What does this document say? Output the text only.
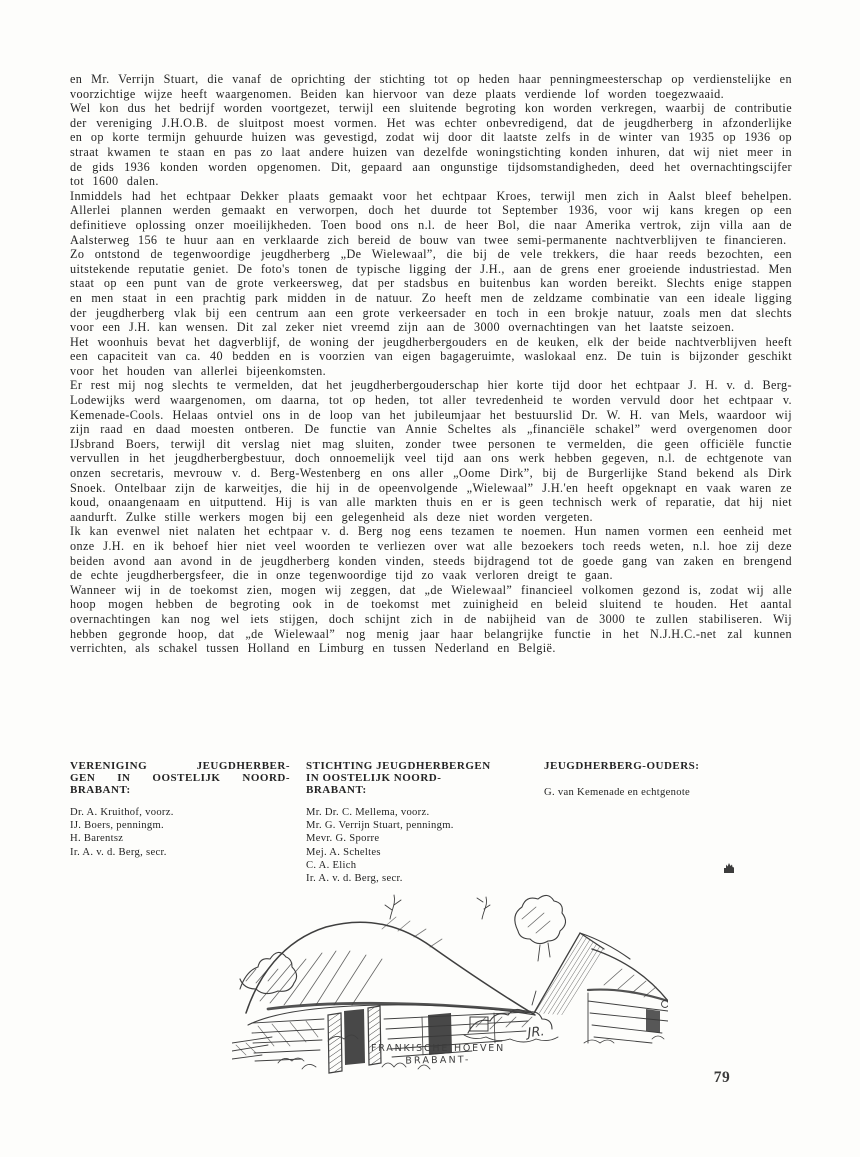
en Mr. Verrijn Stuart, die vanaf de oprichting der stichting tot op heden haar penningmeesterschap op verdienstelijke en voorzichtige wijze heeft waargenomen. Beiden kan hiervoor van deze plaats verdiende lof worden toegezwaaid.

Wel kon dus het bedrijf worden voortgezet, terwijl een sluitende begroting kon worden verkregen, waarbij de contributie der vereniging J.H.O.B. de sluitpost moest vormen. Het was echter onbevredigend, dat de jeugdherberg in afzonderlijke en op korte termijn gehuurde huizen was gevestigd, zodat wij door dit laatste zelfs in de winter van 1935 op 1936 op straat kwamen te staan en pas zo laat andere huizen van dezelfde woningstichting konden inhuren, dat wij niet meer in de gids 1936 konden worden opgenomen. Dit, gepaard aan ongunstige tijdsomstandigheden, deed het overnachtingscijfer tot 1600 dalen.

Inmiddels had het echtpaar Dekker plaats gemaakt voor het echtpaar Kroes, terwijl men zich in Aalst bleef behelpen. Allerlei plannen werden gemaakt en verworpen, doch het duurde tot September 1936, voor wij kans kregen op een definitieve oplossing onzer moeilijkheden. Toen bood ons n.l. de heer Bol, die naar Amerika vertrok, zijn villa aan de Aalsterweg 156 te huur aan en verklaarde zich bereid de bouw van twee semi-permanente nachtverblijven te financieren.

Zo ontstond de tegenwoordige jeugdherberg „De Wielewaal”, die bij de vele trekkers, die haar reeds bezochten, een uitstekende reputatie geniet. De foto's tonen de typische ligging der J.H., aan de grens ener groeiende industriestad. Men staat op een punt van de grote verkeersweg, dat per stadsbus en buitenbus kan worden bereikt. Slechts enige stappen en men staat in een prachtig park midden in de natuur. Zo heeft men de zeldzame combinatie van een ideale ligging der jeugdherberg vlak bij een centrum aan een grote verkeersader en toch in een brokje natuur, zoals men dat slechts voor een J.H. kan wensen. Dit zal zeker niet vreemd zijn aan de 3000 overnachtingen van het laatste seizoen.

Het woonhuis bevat het dagverblijf, de woning der jeugdherbergouders en de keuken, elk der beide nachtverblijven heeft een capaciteit van ca. 40 bedden en is voorzien van eigen bagageruimte, waslokaal enz. De tuin is bijzonder geschikt voor het houden van allerlei bijeenkomsten.

Er rest mij nog slechts te vermelden, dat het jeugdherbergouderschap hier korte tijd door het echtpaar J. H. v. d. Berg-Lodewijks werd waargenomen, om daarna, tot op heden, tot aller tevredenheid te worden vervuld door het echtpaar v. Kemenade-Cools. Helaas ontviel ons in de loop van het jubileumjaar het bestuurslid Dr. W. H. van Mels, waardoor wij zijn raad en daad moesten ontberen. De functie van Annie Scheltes als „financiële schakel” werd overgenomen door IJsbrand Boers, terwijl dit verslag niet mag sluiten, zonder twee personen te vermelden, die geen officiële functie vervullen in het jeugdherbergbestuur, doch onnoemelijk veel tijd aan ons werk hebben gegeven, n.l. de echtgenote van onzen secretaris, mevrouw v. d. Berg-Westenberg en ons aller „Oome Dirk”, bij de Burgerlijke Stand bekend als Dirk Snoek. Ontelbaar zijn de karweitjes, die hij in de opeenvolgende „Wielewaal” J.H.'en heeft opgeknapt en vaak waren ze koud, onaangenaam en uitputtend. Hij is van alle markten thuis en er is geen technisch werk of reparatie, dat hij niet aandurft. Zulke stille werkers mogen bij een gelegenheid als deze niet worden vergeten.

Ik kan evenwel niet nalaten het echtpaar v. d. Berg nog eens tezamen te noemen. Hun namen vormen een eenheid met onze J.H. en ik behoef hier niet veel woorden te verliezen over wat alle bezoekers toch reeds weten, n.l. hoe zij deze beiden avond aan avond in de jeugdherberg konden vinden, steeds bijdragend tot de goede gang van zaken en brengend de echte jeugdherbergsfeer, die in onze tegenwoordige tijd zo vaak verloren dreigt te gaan.

Wanneer wij in de toekomst zien, mogen wij zeggen, dat „de Wielewaal” financieel volkomen gezond is, zodat wij alle hoop mogen hebben de begroting ook in de toekomst met zuinigheid en beleid sluitend te houden. Het aantal overnachtingen kan nog wel iets stijgen, doch schijnt zich in de nabijheid van de 3000 te zullen stabiliseren. Wij hebben gegronde hoop, dat „de Wielewaal” nog menig jaar haar belangrijke functie in het N.J.H.C.-net zal kunnen verrichten, als schakel tussen Holland en Limburg en tussen Nederland en België.

VERENIGING JEUGDHERBER-
GEN IN OOSTELIJK NOORD-
BRABANT:
Dr. A. Kruithof, voorz.
IJ. Boers, penningm.
H. Barentsz
Ir. A. v. d. Berg, secr.
STICHTING JEUGDHERBERGEN
IN OOSTELIJK NOORD-
BRABANT:
Mr. Dr. C. Mellema, voorz.
Mr. G. Verrijn Stuart, penningm.
Mevr. G. Sporre
Mej. A. Scheltes
C. A. Elich
Ir. A. v. d. Berg, secr.
JEUGDHERBERG-OUDERS:
G. van Kemenade en echtgenote
JR.
FRANKISCHE HOEVEN
BRABANT-
79
